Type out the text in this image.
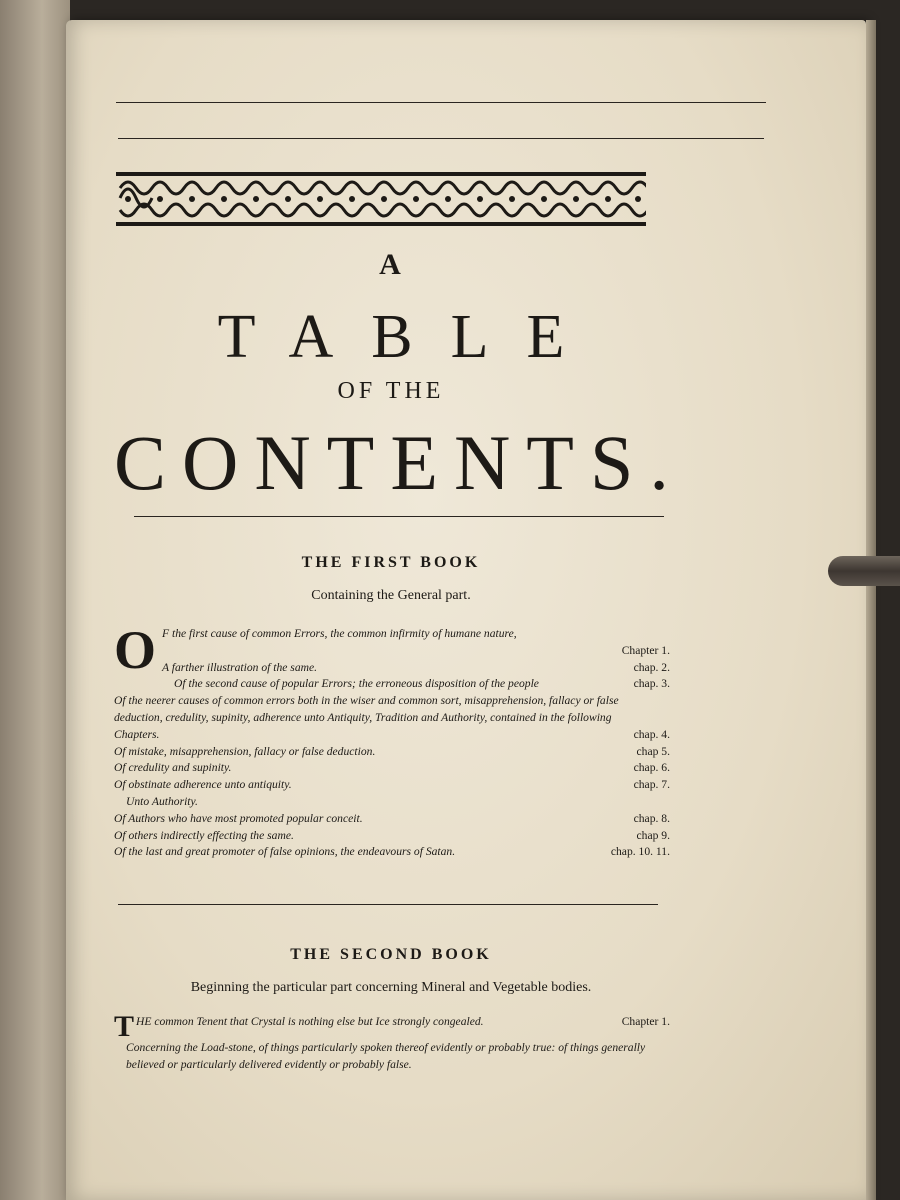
A
TABLE
OF THE
CONTENTS.
THE FIRST BOOK
Containing the General part.
O F the first cause of common Errors, the common infirmity of humane nature,
Chapter 1.
A farther illustration of the same.	chap. 2.
Of the second cause of popular Errors; the erroneous disposition of the people	chap. 3.
Of the neerer causes of common errors both in the wiser and common sort, misapprehension, fallacy or false deduction, credulity, supinity, adherence unto Antiquity, Tradition and Authority, contained in the following Chapters.	chap. 4.
Of mistake, misapprehension, fallacy or false deduction.	chap 5.
Of credulity and supinity.	chap. 6.
Of obstinate adherence unto antiquity.	chap. 7.
Unto Authority.
Of Authors who have most promoted popular conceit.	chap. 8.
Of others indirectly effecting the same.	chap 9.
Of the last and great promoter of false opinions, the endeavours of Satan.	chap. 10. 11.
THE SECOND BOOK
Beginning the particular part concerning Mineral and Vegetable bodies.
THE common Tenent that Crystal is nothing else but Ice strongly congealed.	Chapter 1.
Concerning the Load-stone, of things particularly spoken thereof evidently or probably true: of things generally believed or particularly delivered evidently or probably false.
